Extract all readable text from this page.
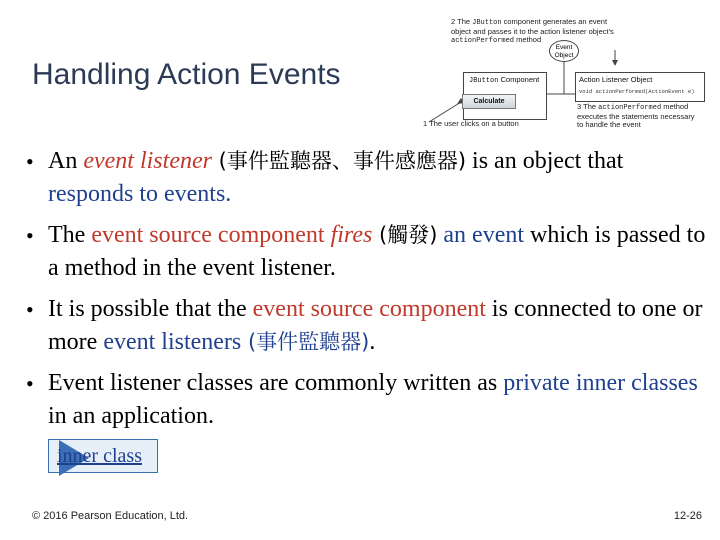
Handling Action Events
2 The JButton component generates an event
object and passes it to the action listener object's
actionPerformed method
Event
Object
JButton Component
Calculate
Action Listener Object
void actionPerformed(ActionEvent e)
3 The actionPerformed method
executes the statements necessary
to handle the event
1 The user clicks on a button
• An event listener (事件監聽器、事件感應器) is an object that responds to events.
• The event source component fires (觸發) an event which is passed to a method in the event listener.
• It is possible that the event source component is connected to one or more event listeners (事件監聽器).
• Event listener classes are commonly written as private inner classes in an application.
inner class
© 2016 Pearson Education, Ltd.	12-26
